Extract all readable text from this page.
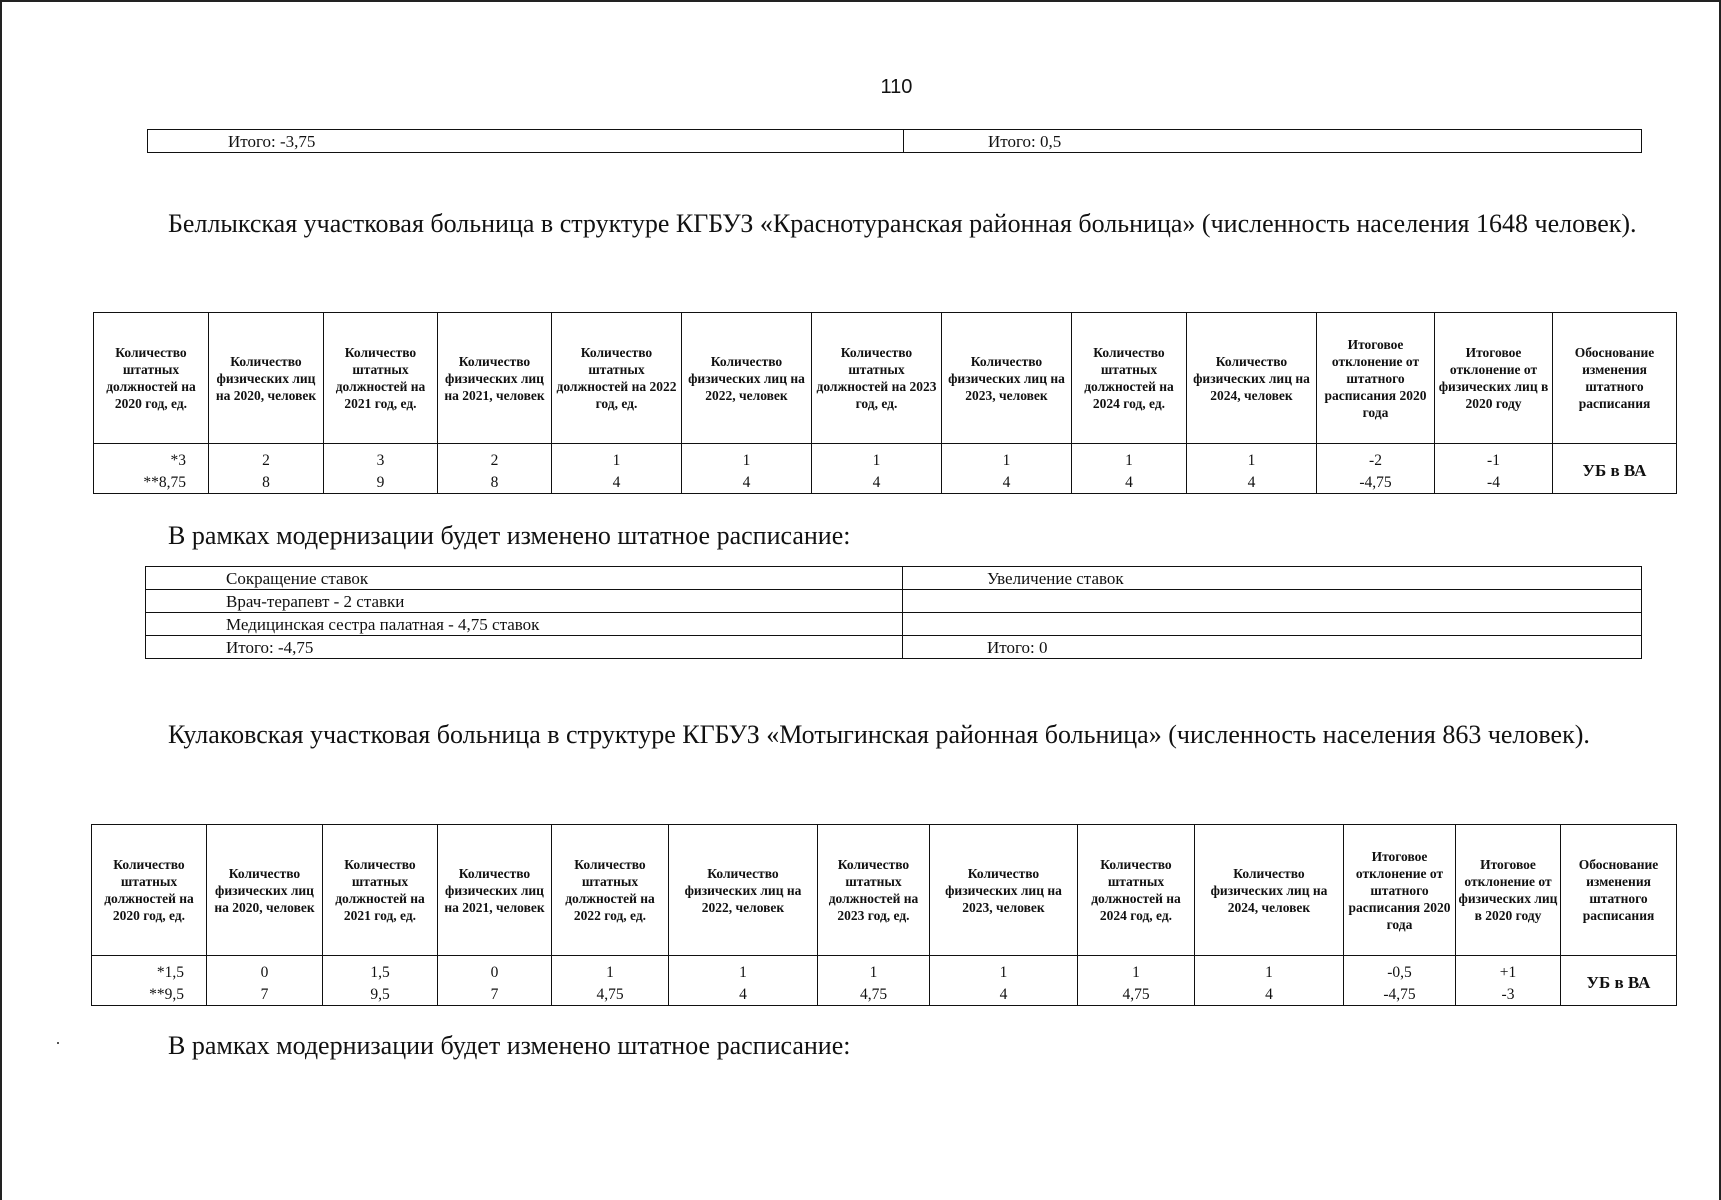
110
Итого: -3,75	Итого: 0,5
Беллыкская участковая больница в структуре КГБУЗ «Краснотуранская районная больница» (численность населения 1648 человек).
Количество штатных должностей на 2020 год, ед.	Количество физических лиц на 2020, человек	Количество штатных должностей на 2021 год, ед.	Количество физических лиц на 2021, человек	Количество штатных должностей на 2022 год, ед.	Количество физических лиц на 2022, человек	Количество штатных должностей на 2023 год, ед.	Количество физических лиц на 2023, человек	Количество штатных должностей на 2024 год, ед.	Количество физических лиц на 2024, человек	Итоговое отклонение от штатного расписания 2020 года	Итоговое отклонение от физических лиц в 2020 году	Обоснование изменения штатного расписания
*3	2	3	2	1	1	1	1	1	1	-2	-1	УБ в ВА
**8,75	8	9	8	4	4	4	4	4	4	-4,75	-4	
В рамках модернизации будет изменено штатное расписание:
Сокращение ставок	Увеличение ставок
Врач-терапевт - 2 ставки	
Медицинская сестра палатная - 4,75 ставок	
Итого: -4,75	Итого: 0
Кулаковская участковая больница в структуре КГБУЗ «Мотыгинская районная больница» (численность населения 863 человек).
Количество штатных должностей на 2020 год, ед.	Количество физических лиц на 2020, человек	Количество штатных должностей на 2021 год, ед.	Количество физических лиц на 2021, человек	Количество штатных должностей на 2022 год, ед.	Количество физических лиц на 2022, человек	Количество штатных должностей на 2023 год, ед.	Количество физических лиц на 2023, человек	Количество штатных должностей на 2024 год, ед.	Количество физических лиц на 2024, человек	Итоговое отклонение от штатного расписания 2020 года	Итоговое отклонение от физических лиц в 2020 году	Обоснование изменения штатного расписания
*1,5	0	1,5	0	1	1	1	1	1	1	-0,5	+1	УБ в ВА
**9,5	7	9,5	7	4,75	4	4,75	4	4,75	4	-4,75	-3	
В рамках модернизации будет изменено штатное расписание:
